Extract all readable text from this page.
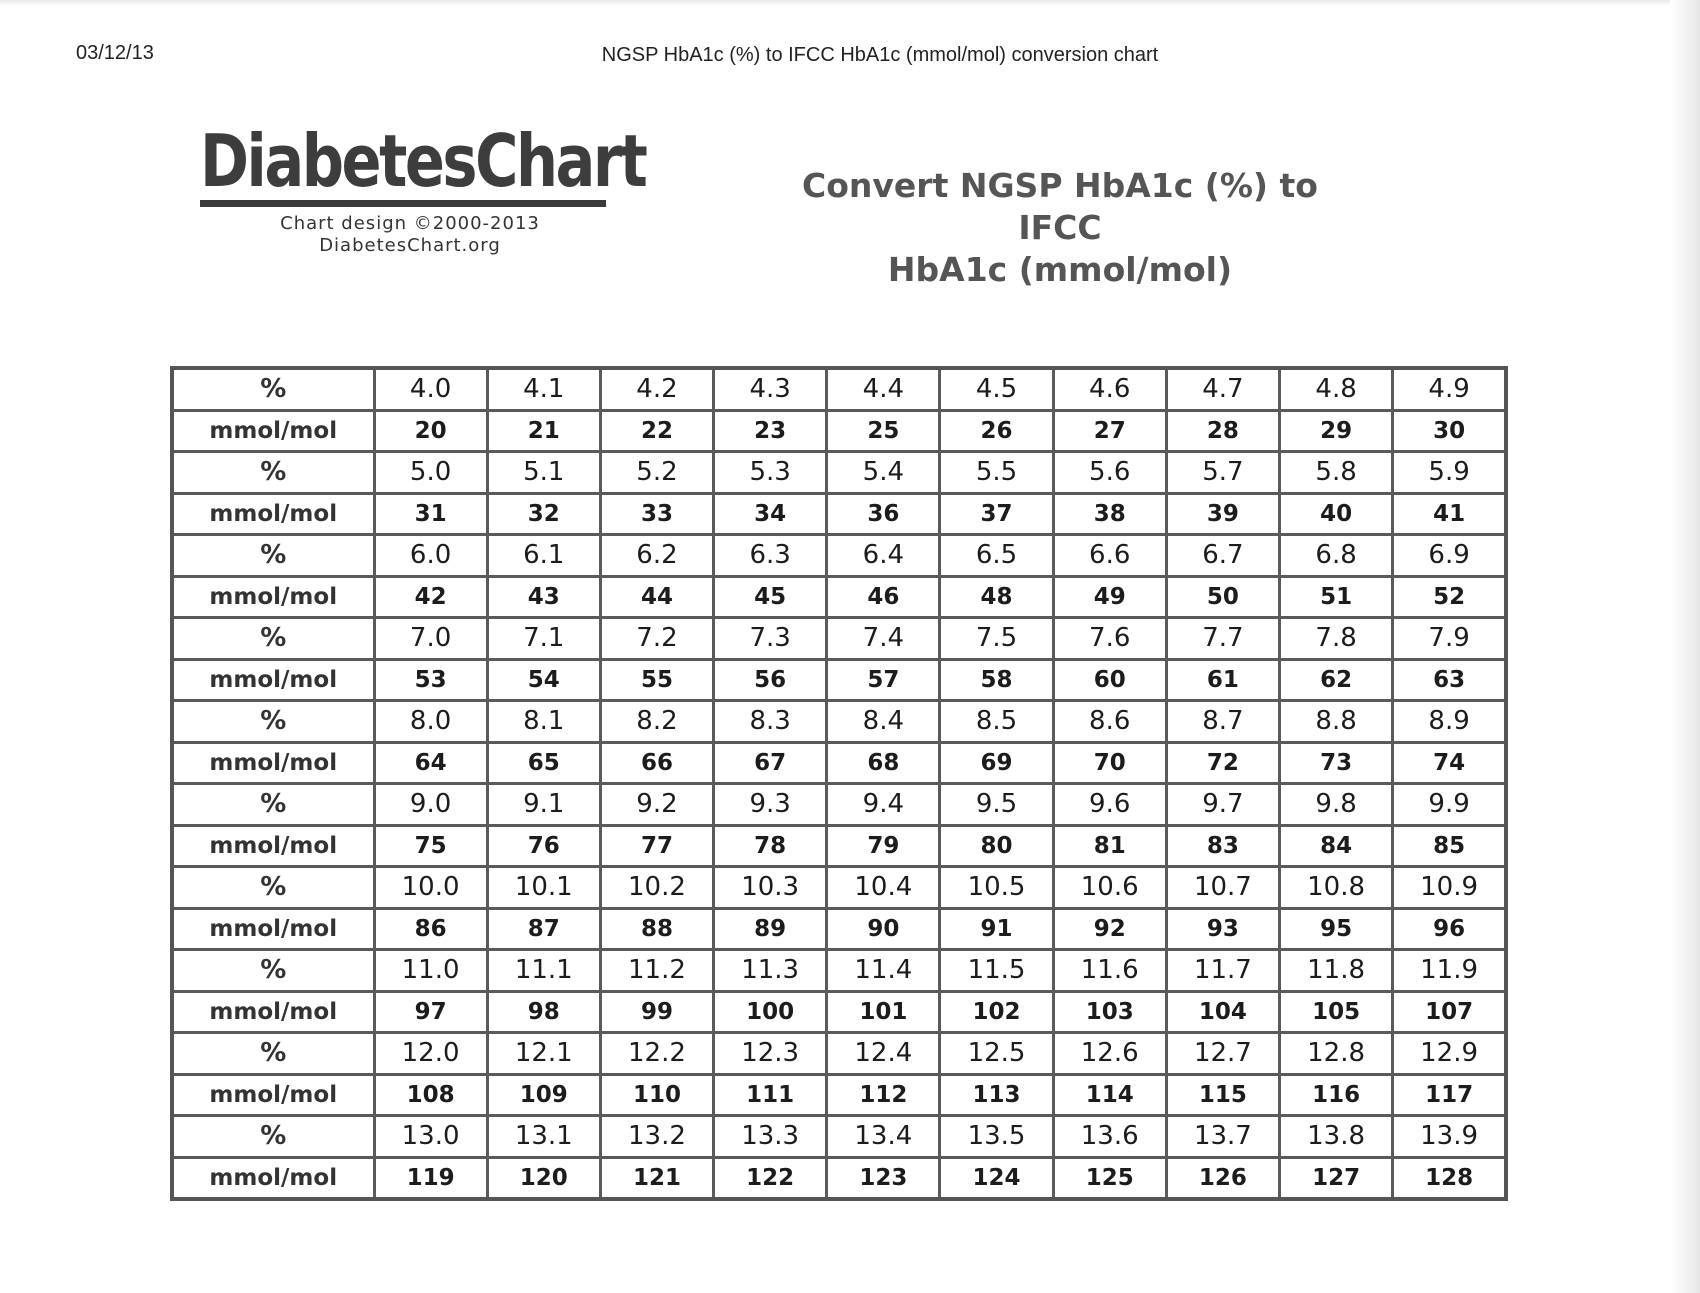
03/12/13	NGSP HbA1c (%) to IFCC HbA1c (mmol/mol) conversion chart
DiabetesChart
Chart design ©2000-2013
DiabetesChart.org
Convert NGSP HbA1c (%) to IFCC
HbA1c (mmol/mol)
%	4.0	4.1	4.2	4.3	4.4	4.5	4.6	4.7	4.8	4.9
mmol/mol	20	21	22	23	25	26	27	28	29	30
%	5.0	5.1	5.2	5.3	5.4	5.5	5.6	5.7	5.8	5.9
mmol/mol	31	32	33	34	36	37	38	39	40	41
%	6.0	6.1	6.2	6.3	6.4	6.5	6.6	6.7	6.8	6.9
mmol/mol	42	43	44	45	46	48	49	50	51	52
%	7.0	7.1	7.2	7.3	7.4	7.5	7.6	7.7	7.8	7.9
mmol/mol	53	54	55	56	57	58	60	61	62	63
%	8.0	8.1	8.2	8.3	8.4	8.5	8.6	8.7	8.8	8.9
mmol/mol	64	65	66	67	68	69	70	72	73	74
%	9.0	9.1	9.2	9.3	9.4	9.5	9.6	9.7	9.8	9.9
mmol/mol	75	76	77	78	79	80	81	83	84	85
%	10.0	10.1	10.2	10.3	10.4	10.5	10.6	10.7	10.8	10.9
mmol/mol	86	87	88	89	90	91	92	93	95	96
%	11.0	11.1	11.2	11.3	11.4	11.5	11.6	11.7	11.8	11.9
mmol/mol	97	98	99	100	101	102	103	104	105	107
%	12.0	12.1	12.2	12.3	12.4	12.5	12.6	12.7	12.8	12.9
mmol/mol	108	109	110	111	112	113	114	115	116	117
%	13.0	13.1	13.2	13.3	13.4	13.5	13.6	13.7	13.8	13.9
mmol/mol	119	120	121	122	123	124	125	126	127	128
